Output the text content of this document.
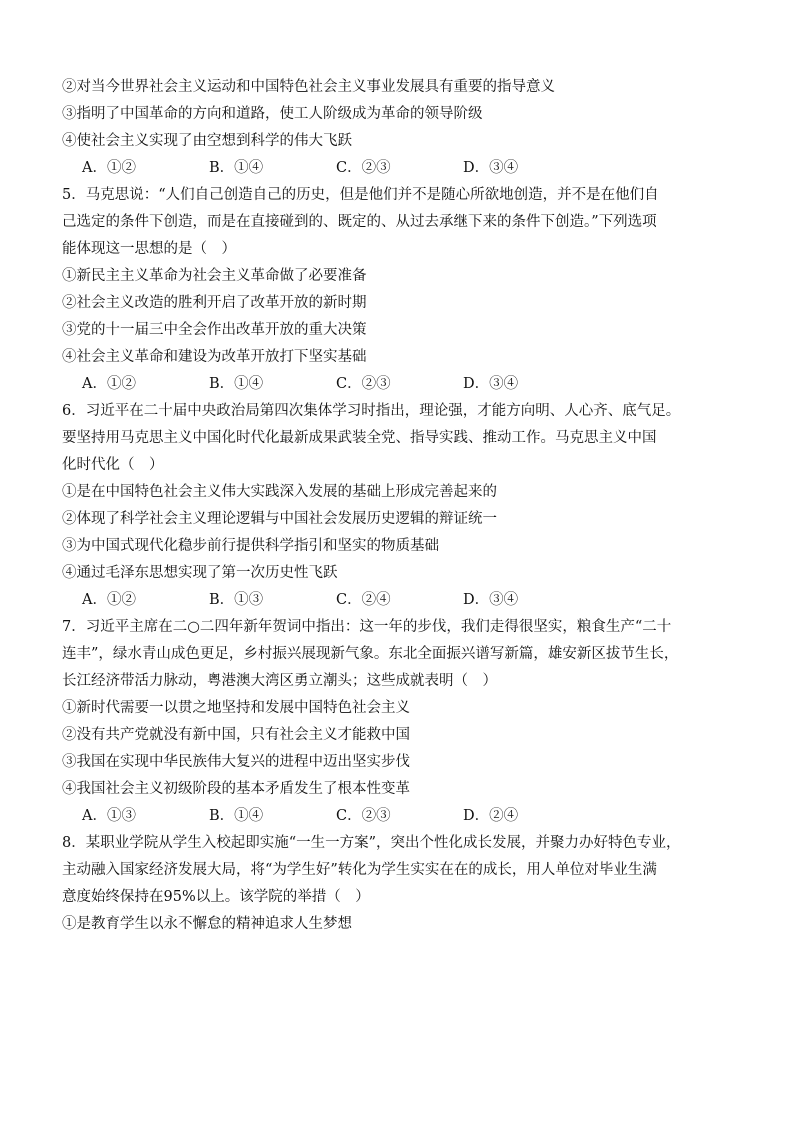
②对当今世界社会主义运动和中国特色社会主义事业发展具有重要的指导意义
③指明了中国革命的方向和道路，使工人阶级成为革命的领导阶级
④使社会主义实现了由空想到科学的伟大飞跃
A．①②	B．①④	C．②③	D．③④
5．马克思说：“人们自己创造自己的历史，但是他们并不是随心所欲地创造，并不是在他们自
己选定的条件下创造，而是在直接碰到的、既定的、从过去承继下来的条件下创造。”下列选项
能体现这一思想的是（　）
①新民主主义革命为社会主义革命做了必要准备
②社会主义改造的胜利开启了改革开放的新时期
③党的十一届三中全会作出改革开放的重大决策
④社会主义革命和建设为改革开放打下坚实基础
A．①②	B．①④	C．②③	D．③④
6．习近平在二十届中央政治局第四次集体学习时指出，理论强，才能方向明、人心齐、底气足。
要坚持用马克思主义中国化时代化最新成果武装全党、指导实践、推动工作。马克思主义中国
化时代化（　）
①是在中国特色社会主义伟大实践深入发展的基础上形成完善起来的
②体现了科学社会主义理论逻辑与中国社会发展历史逻辑的辩证统一
③为中国式现代化稳步前行提供科学指引和坚实的物质基础
④通过毛泽东思想实现了第一次历史性飞跃
A．①②	B．①③	C．②④	D．③④
7．习近平主席在二○二四年新年贺词中指出：这一年的步伐，我们走得很坚实，粮食生产“二十
连丰”，绿水青山成色更足，乡村振兴展现新气象。东北全面振兴谱写新篇，雄安新区拔节生长，
长江经济带活力脉动，粤港澳大湾区勇立潮头；这些成就表明（　）
①新时代需要一以贯之地坚持和发展中国特色社会主义
②没有共产党就没有新中国，只有社会主义才能救中国
③我国在实现中华民族伟大复兴的进程中迈出坚实步伐
④我国社会主义初级阶段的基本矛盾发生了根本性变革
A．①③	B．①④	C．②③	D．②④
8．某职业学院从学生入校起即实施“一生一方案”，突出个性化成长发展，并聚力办好特色专业，
主动融入国家经济发展大局，将“为学生好”转化为学生实实在在的成长，用人单位对毕业生满
意度始终保持在95%以上。该学院的举措（　）
①是教育学生以永不懈怠的精神追求人生梦想
